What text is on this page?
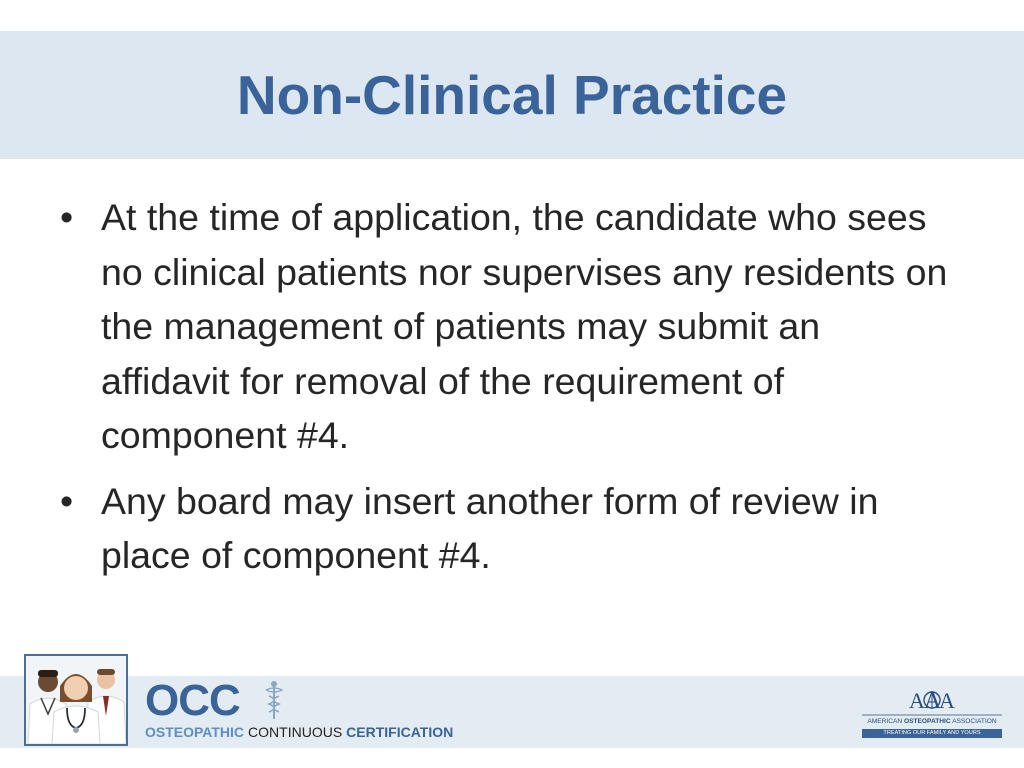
Non-Clinical Practice
• At the time of application, the candidate who sees no clinical patients nor supervises any residents on the management of patients may submit an affidavit for removal of the requirement of component #4.
• Any board may insert another form of review in place of component #4.
OCC
OSTEOPATHIC CONTINUOUS CERTIFICATION
A
A A
AMERICAN OSTEOPATHIC ASSOCIATION
TREATING OUR FAMILY AND YOURS
